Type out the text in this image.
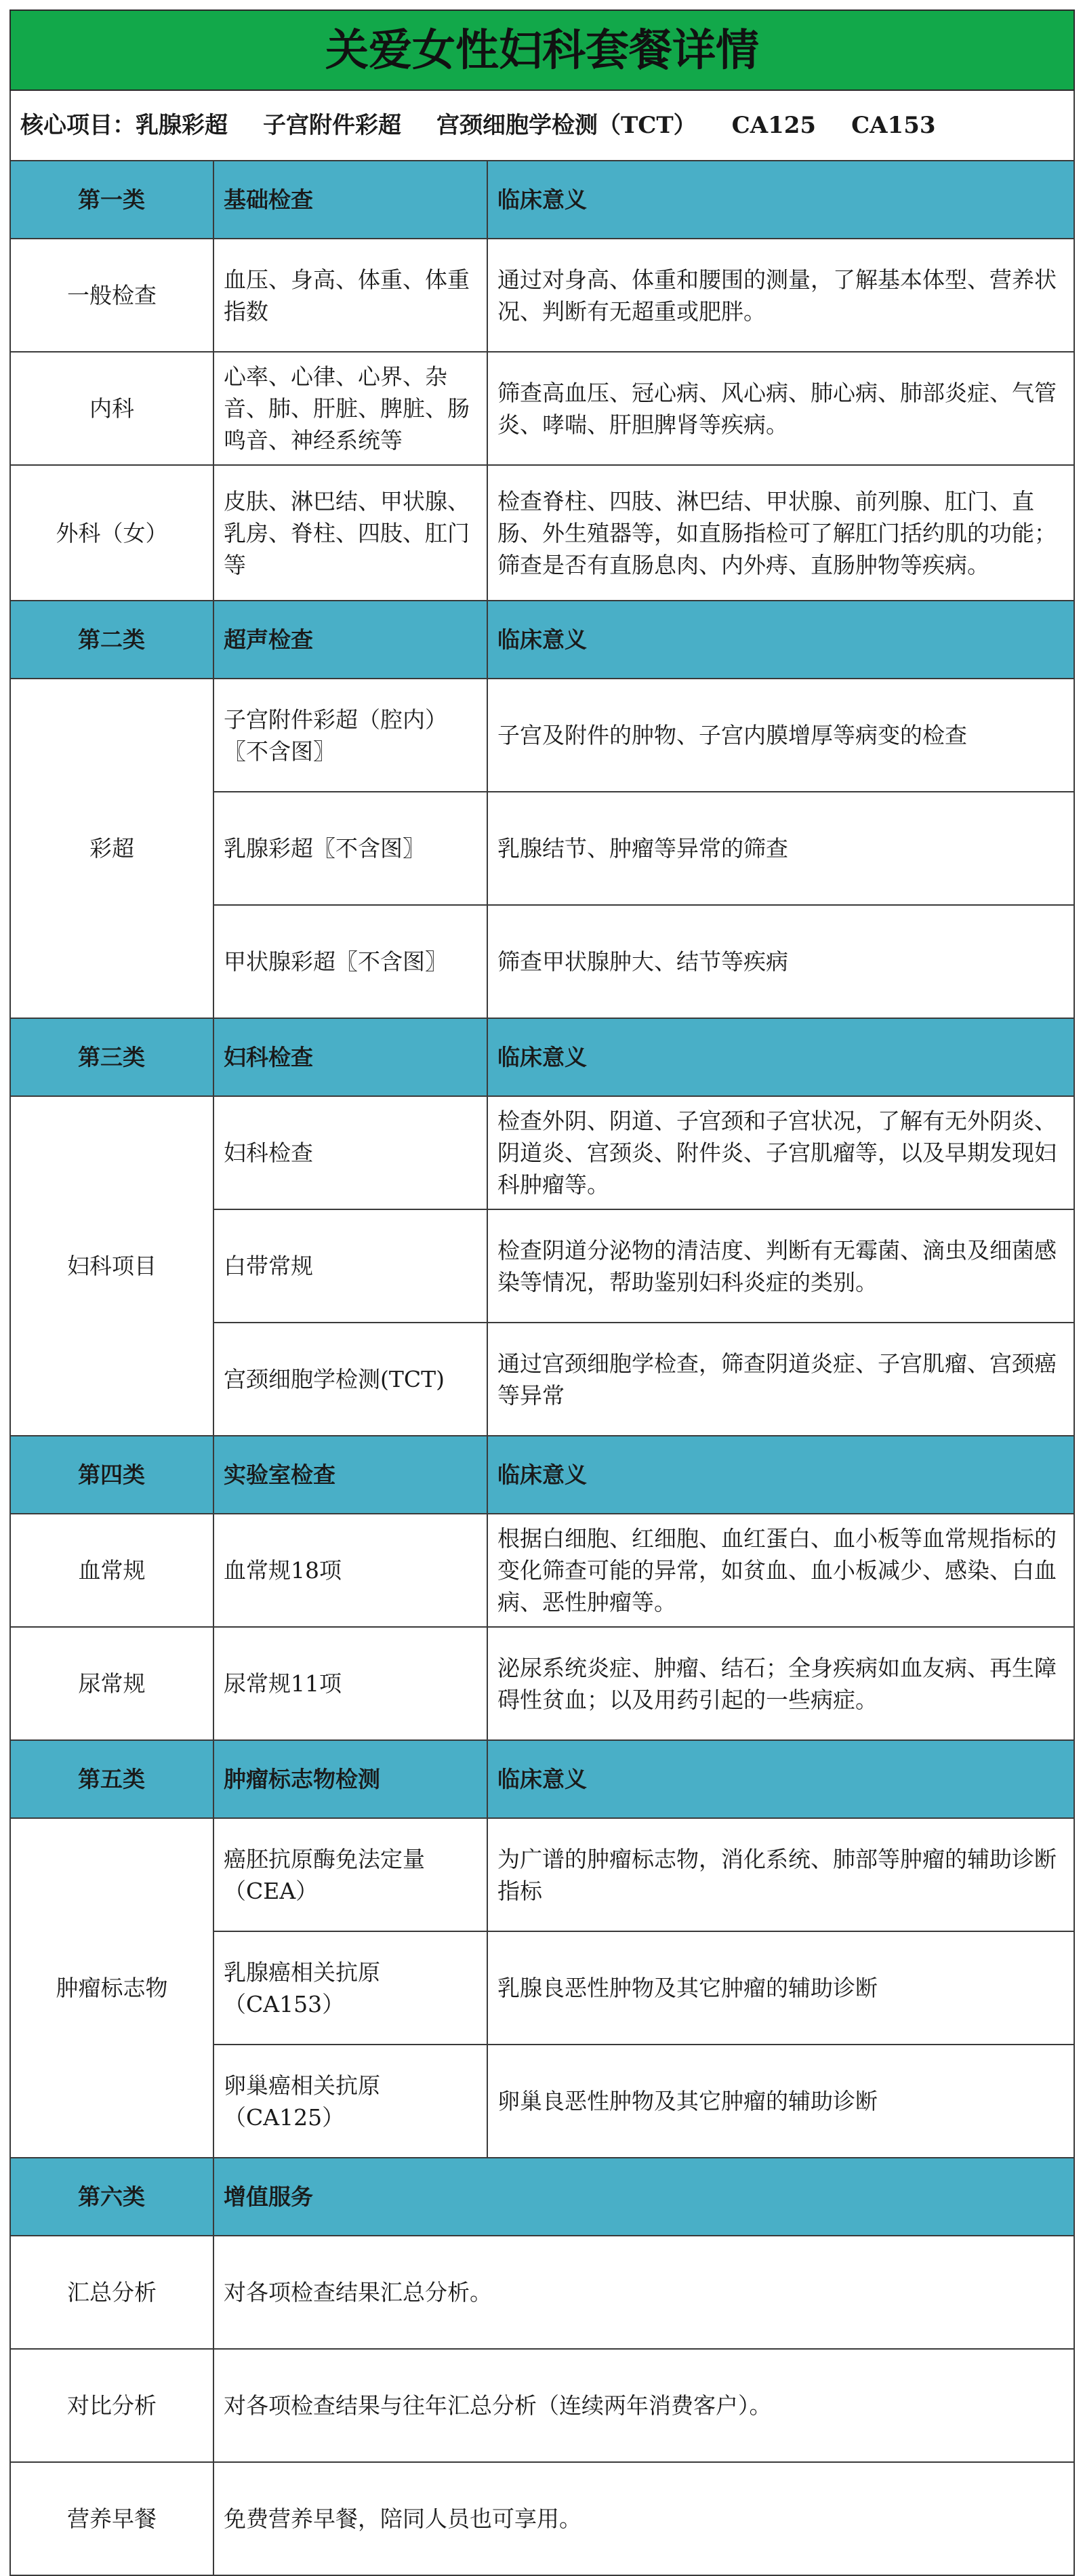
关爱女性妇科套餐详情		
核心项目：乳腺彩超 子宫附件彩超 宫颈细胞学检测（TCT） CA125 CA153		
第一类	基础检查	临床意义
一般检查	血压、身高、体重、体重指数	通过对身高、体重和腰围的测量，了解基本体型、营养状况、判断有无超重或肥胖。
内科	心率、心律、心界、杂音、肺、肝脏、脾脏、肠鸣音、神经系统等	筛查高血压、冠心病、风心病、肺心病、肺部炎症、气管炎、哮喘、肝胆脾肾等疾病。
外科（女）	皮肤、淋巴结、甲状腺、乳房、脊柱、四肢、肛门等	检查脊柱、四肢、淋巴结、甲状腺、前列腺、肛门、直肠、外生殖器等，如直肠指检可了解肛门括约肌的功能；筛查是否有直肠息肉、内外痔、直肠肿物等疾病。
第二类	超声检查	临床意义
彩超	子宫附件彩超（腔内）〖不含图〗	子宫及附件的肿物、子宫内膜增厚等病变的检查
	乳腺彩超〖不含图〗	乳腺结节、肿瘤等异常的筛查
	甲状腺彩超〖不含图〗	筛查甲状腺肿大、结节等疾病
第三类	妇科检查	临床意义
妇科项目	妇科检查	检查外阴、阴道、子宫颈和子宫状况，了解有无外阴炎、阴道炎、宫颈炎、附件炎、子宫肌瘤等，以及早期发现妇科肿瘤等。
	白带常规	检查阴道分泌物的清洁度、判断有无霉菌、滴虫及细菌感染等情况，帮助鉴别妇科炎症的类别。
	宫颈细胞学检测(TCT)	通过宫颈细胞学检查，筛查阴道炎症、子宫肌瘤、宫颈癌等异常
第四类	实验室检查	临床意义
血常规	血常规18项	根据白细胞、红细胞、血红蛋白、血小板等血常规指标的变化筛查可能的异常，如贫血、血小板减少、感染、白血病、恶性肿瘤等。
尿常规	尿常规11项	泌尿系统炎症、肿瘤、结石；全身疾病如血友病、再生障碍性贫血；以及用药引起的一些病症。
第五类	肿瘤标志物检测	临床意义
肿瘤标志物	癌胚抗原酶免法定量（CEA）	为广谱的肿瘤标志物，消化系统、肺部等肿瘤的辅助诊断指标
	乳腺癌相关抗原（CA153）	乳腺良恶性肿物及其它肿瘤的辅助诊断
	卵巢癌相关抗原（CA125）	卵巢良恶性肿物及其它肿瘤的辅助诊断
第六类	增值服务	
汇总分析	对各项检查结果汇总分析。	
对比分析	对各项检查结果与往年汇总分析（连续两年消费客户）。	
营养早餐	免费营养早餐，陪同人员也可享用。	
